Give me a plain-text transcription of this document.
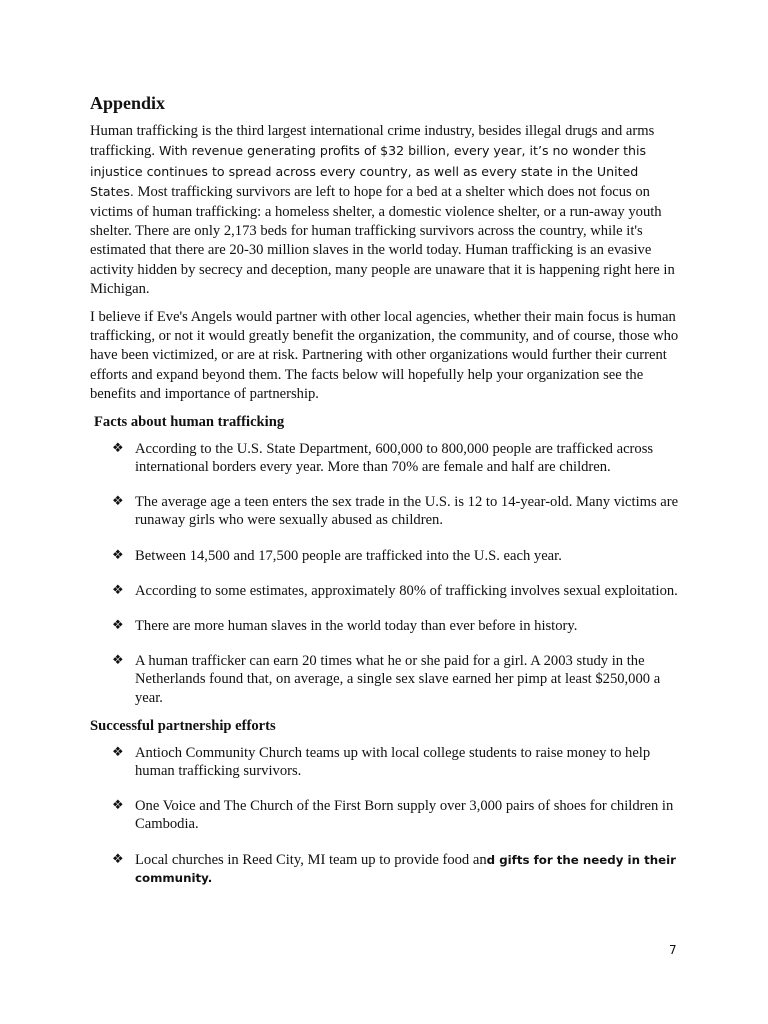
Appendix

Human trafficking is the third largest international crime industry, besides illegal drugs and arms trafficking. With revenue generating profits of $32 billion, every year, it’s no wonder this injustice continues to spread across every country, as well as every state in the United States. Most trafficking survivors are left to hope for a bed at a shelter which does not focus on victims of human trafficking: a homeless shelter, a domestic violence shelter, or a run-away youth shelter. There are only 2,173 beds for human trafficking survivors across the country, while it's estimated that there are 20-30 million slaves in the world today. Human trafficking is an evasive activity hidden by secrecy and deception, many people are unaware that it is happening right here in Michigan.

I believe if Eve's Angels would partner with other local agencies, whether their main focus is human trafficking, or not it would greatly benefit the organization, the community, and of course, those who have been victimized, or are at risk. Partnering with other organizations would further their current efforts and expand beyond them. The facts below will hopefully help your organization see the benefits and importance of partnership.

Facts about human trafficking
❖ According to the U.S. State Department, 600,000 to 800,000 people are trafficked across international borders every year. More than 70% are female and half are children.
❖ The average age a teen enters the sex trade in the U.S. is 12 to 14-year-old. Many victims are runaway girls who were sexually abused as children.
❖ Between 14,500 and 17,500 people are trafficked into the U.S. each year.
❖ According to some estimates, approximately 80% of trafficking involves sexual exploitation.
❖ There are more human slaves in the world today than ever before in history.
❖ A human trafficker can earn 20 times what he or she paid for a girl. A 2003 study in the Netherlands found that, on average, a single sex slave earned her pimp at least $250,000 a year.
Successful partnership efforts
❖ Antioch Community Church teams up with local college students to raise money to help human trafficking survivors.
❖ One Voice and The Church of the First Born supply over 3,000 pairs of shoes for children in Cambodia.
❖ Local churches in Reed City, MI team up to provide food and gifts for the needy in their community.
7
